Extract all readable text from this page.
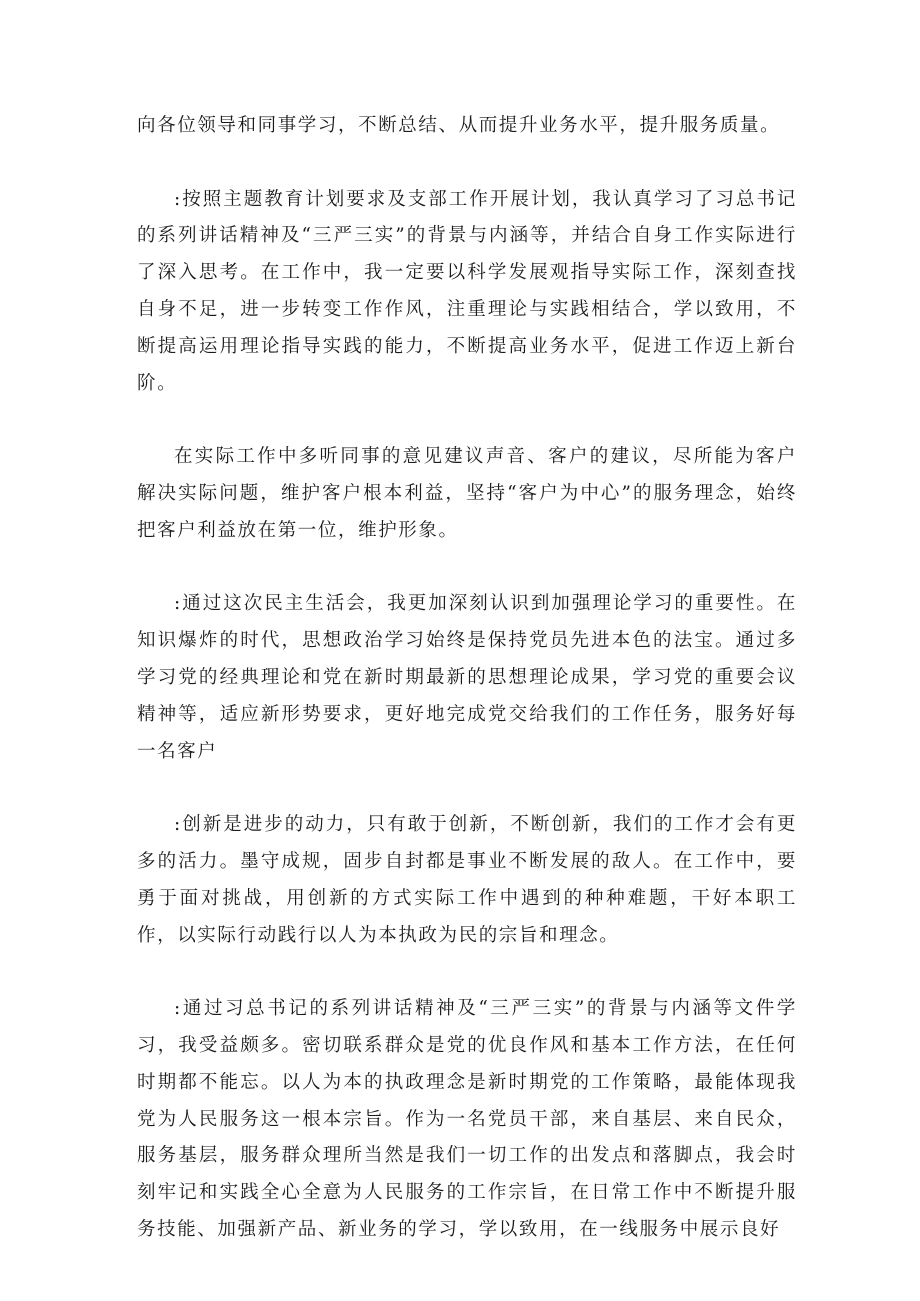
向各位领导和同事学习，不断总结、从而提升业务水平，提升服务质量。

:按照主题教育计划要求及支部工作开展计划，我认真学习了习总书记的系列讲话精神及“三严三实”的背景与内涵等，并结合自身工作实际进行了深入思考。在工作中，我一定要以科学发展观指导实际工作，深刻查找自身不足，进一步转变工作作风，注重理论与实践相结合，学以致用，不断提高运用理论指导实践的能力，不断提高业务水平，促进工作迈上新台阶。

在实际工作中多听同事的意见建议声音、客户的建议，尽所能为客户解决实际问题，维护客户根本利益，坚持“客户为中心”的服务理念，始终把客户利益放在第一位，维护形象。

:通过这次民主生活会，我更加深刻认识到加强理论学习的重要性。在知识爆炸的时代，思想政治学习始终是保持党员先进本色的法宝。通过多学习党的经典理论和党在新时期最新的思想理论成果，学习党的重要会议精神等，适应新形势要求，更好地完成党交给我们的工作任务，服务好每一名客户

:创新是进步的动力，只有敢于创新，不断创新，我们的工作才会有更多的活力。墨守成规，固步自封都是事业不断发展的敌人。在工作中，要勇于面对挑战，用创新的方式实际工作中遇到的种种难题，干好本职工作，以实际行动践行以人为本执政为民的宗旨和理念。

:通过习总书记的系列讲话精神及“三严三实”的背景与内涵等文件学习，我受益颇多。密切联系群众是党的优良作风和基本工作方法，在任何时期都不能忘。以人为本的执政理念是新时期党的工作策略，最能体现我党为人民服务这一根本宗旨。作为一名党员干部，来自基层、来自民众，服务基层，服务群众理所当然是我们一切工作的出发点和落脚点，我会时刻牢记和实践全心全意为人民服务的工作宗旨，在日常工作中不断提升服务技能、加强新产品、新业务的学习，学以致用，在一线服务中展示良好
